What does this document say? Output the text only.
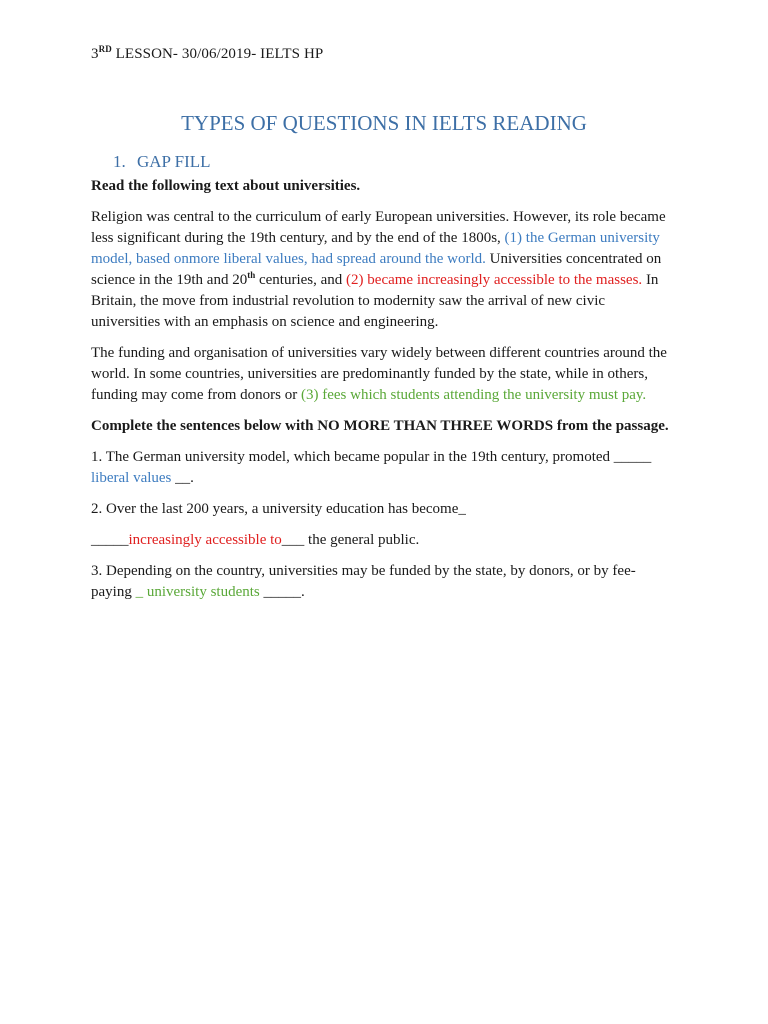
3RD LESSON- 30/06/2019- IELTS HP
TYPES OF QUESTIONS IN IELTS READING
1. GAP FILL

Read the following text about universities.

Religion was central to the curriculum of early European universities. However, its role became less significant during the 19th century, and by the end of the 1800s, (1) the German university model, based onmore liberal values, had spread around the world. Universities concentrated on science in the 19th and 20th centuries, and (2) became increasingly accessible to the masses. In Britain, the move from industrial revolution to modernity saw the arrival of new civic universities with an emphasis on science and engineering.

The funding and organisation of universities vary widely between different countries around the world. In some countries, universities are predominantly funded by the state, while in others, funding may come from donors or (3) fees which students attending the university must pay.

Complete the sentences below with NO MORE THAN THREE WORDS from the passage.

1. The German university model, which became popular in the 19th century, promoted _____ liberal values __.

2. Over the last 200 years, a university education has become_

_____increasingly accessible to___ the general public.

3. Depending on the country, universities may be funded by the state, by donors, or by fee-paying _ university students _____.
